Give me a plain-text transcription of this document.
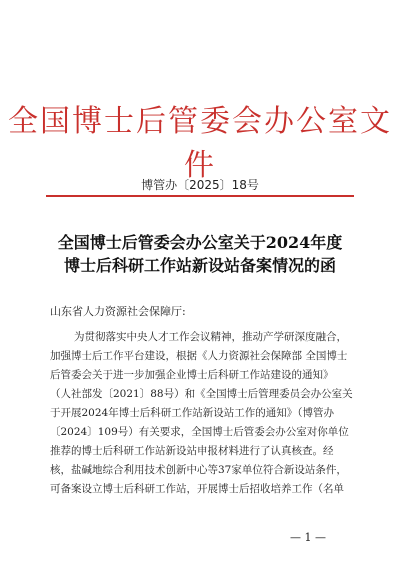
全国博士后管委会办公室文件
博管办〔2025〕18号
全国博士后管委会办公室关于2024年度
博士后科研工作站新设站备案情况的函
山东省人力资源社会保障厅:
为贯彻落实中央人才工作会议精神，推动产学研深度融合，
加强博士后工作平台建设，根据《人力资源社会保障部 全国博士
后管委会关于进一步加强企业博士后科研工作站建设的通知》
（人社部发〔2021〕88号）和《全国博士后管理委员会办公室关
于开展2024年博士后科研工作站新设站工作的通知》（博管办
〔2024〕109号）有关要求，全国博士后管委会办公室对你单位
推荐的博士后科研工作站新设站申报材料进行了认真核查。经
核，盐碱地综合利用技术创新中心等37家单位符合新设站条件，
可备案设立博士后科研工作站，开展博士后招收培养工作（名单
— 1 —
